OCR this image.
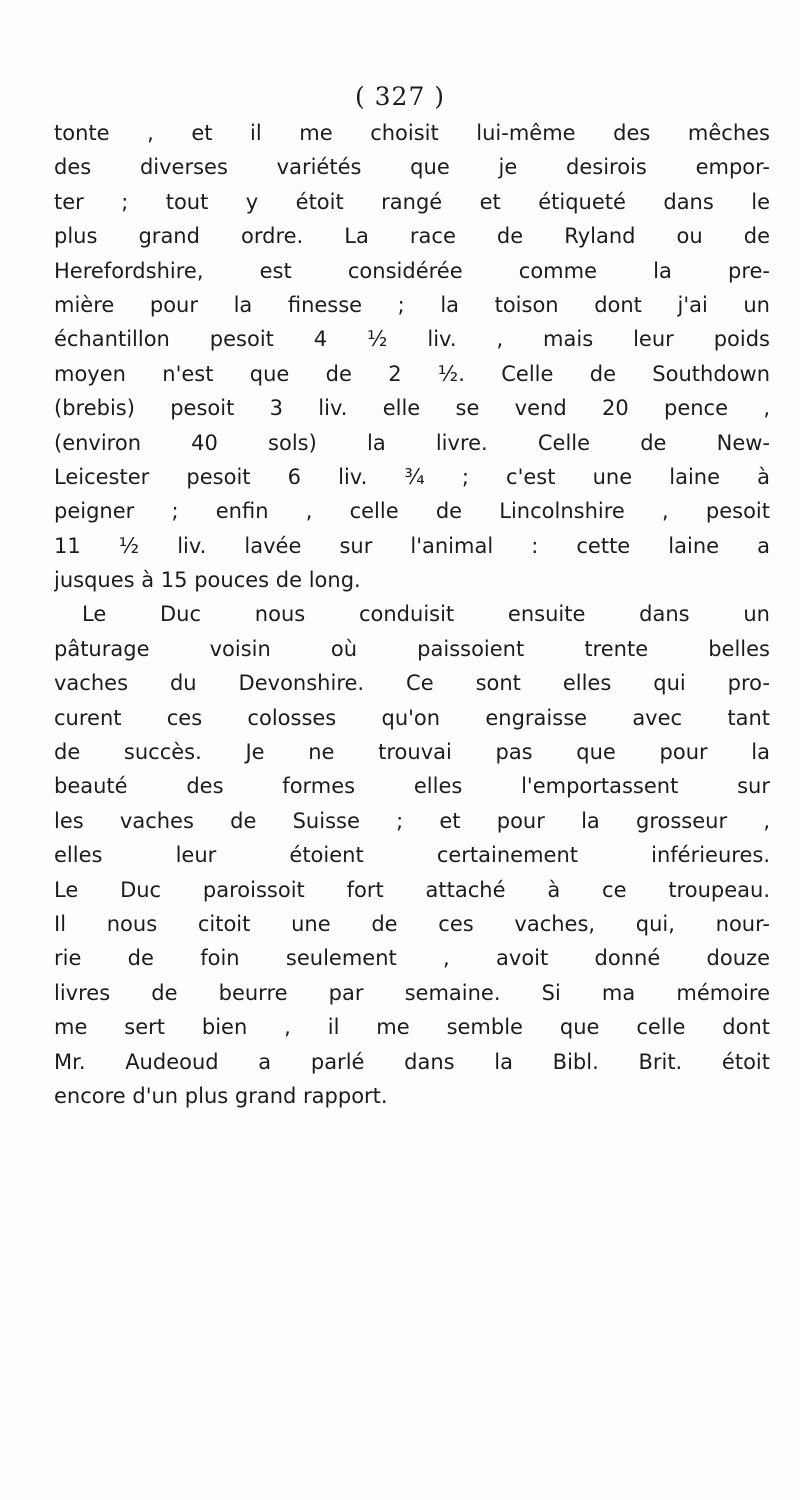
( 327 )
tonte , et il me choisit lui-même des mêches
des diverses variétés que je desirois empor-
ter ; tout y étoit rangé et étiqueté dans le
plus grand ordre. La race de Ryland ou de
Herefordshire, est considérée comme la pre-
mière pour la finesse ; la toison dont j'ai un
échantillon pesoit 4 ½ liv. , mais leur poids
moyen n'est que de 2 ½. Celle de Southdown
(brebis) pesoit 3 liv. elle se vend 20 pence ,
(environ 40 sols) la livre. Celle de New-
Leicester pesoit 6 liv. ¾ ; c'est une laine à
peigner ; enfin , celle de Lincolnshire , pesoit
11 ½ liv. lavée sur l'animal : cette laine a
jusques à 15 pouces de long.
Le Duc nous conduisit ensuite dans un
pâturage voisin où paissoient trente belles
vaches du Devonshire. Ce sont elles qui pro-
curent ces colosses qu'on engraisse avec tant
de succès. Je ne trouvai pas que pour la
beauté des formes elles l'emportassent sur
les vaches de Suisse ; et pour la grosseur ,
elles leur étoient certainement inférieures.
Le Duc paroissoit fort attaché à ce troupeau.
Il nous citoit une de ces vaches, qui, nour-
rie de foin seulement , avoit donné douze
livres de beurre par semaine. Si ma mémoire
me sert bien , il me semble que celle dont
Mr. Audeoud a parlé dans la Bibl. Brit. étoit
encore d'un plus grand rapport.
